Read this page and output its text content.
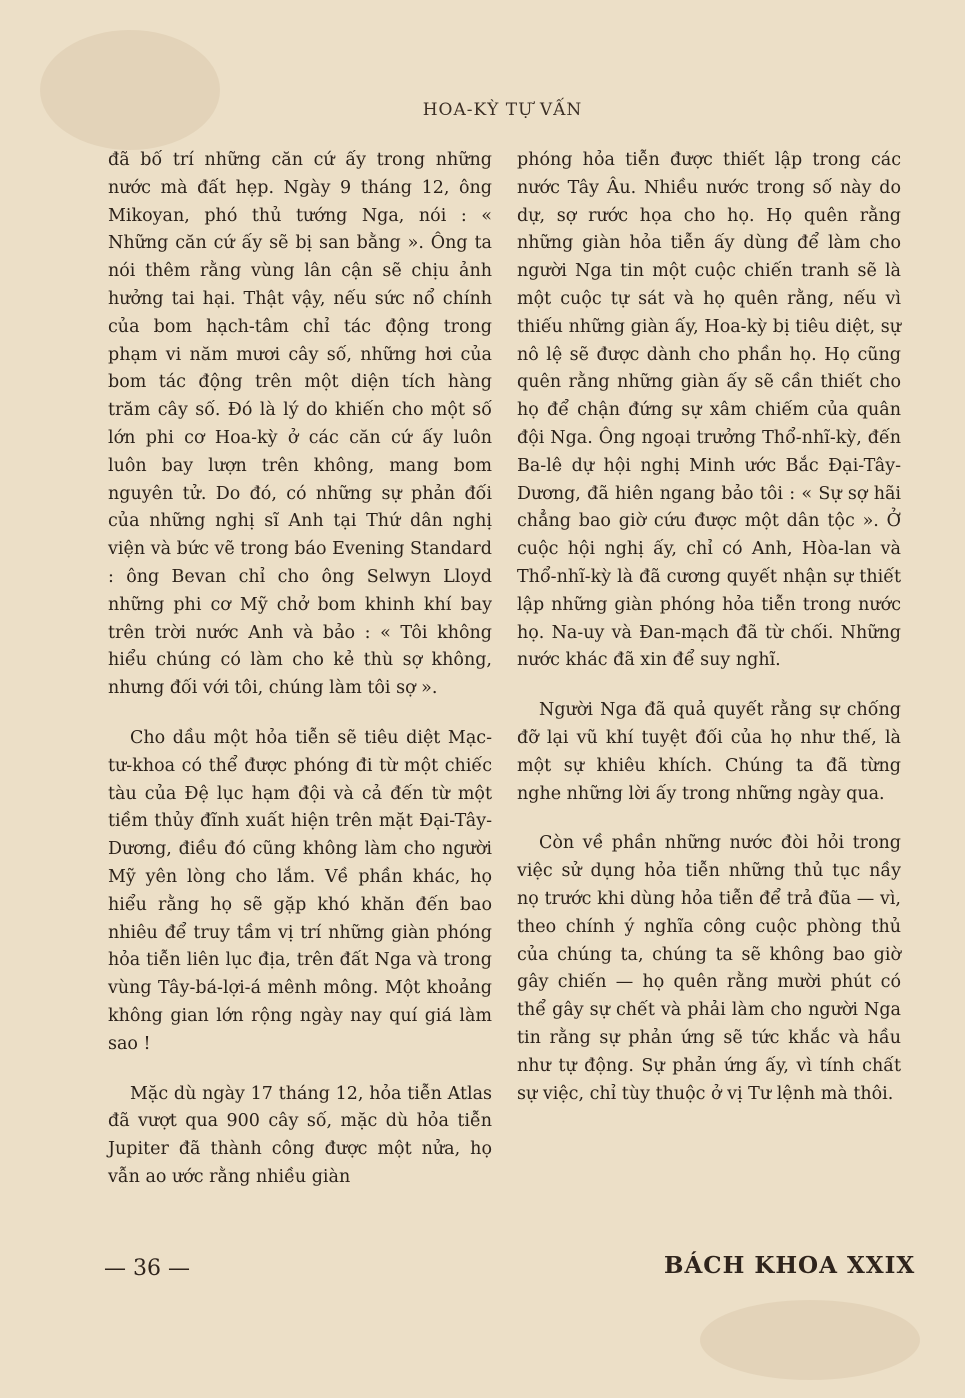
HOA-KỲ TỰ VẤN

đã bố trí những căn cứ ấy trong những nước mà đất hẹp. Ngày 9 tháng 12, ông Mikoyan, phó thủ tướng Nga, nói : « Những căn cứ ấy sẽ bị san bằng ». Ông ta nói thêm rằng vùng lân cận sẽ chịu ảnh hưởng tai hại. Thật vậy, nếu sức nổ chính của bom hạch-tâm chỉ tác động trong phạm vi năm mươi cây số, những hơi của bom tác động trên một diện tích hàng trăm cây số. Đó là lý do khiến cho một số lớn phi cơ Hoa-kỳ ở các căn cứ ấy luôn luôn bay lượn trên không, mang bom nguyên tử. Do đó, có những sự phản đối của những nghị sĩ Anh tại Thứ dân nghị viện và bức vẽ trong báo Evening Standard : ông Bevan chỉ cho ông Selwyn Lloyd những phi cơ Mỹ chở bom khinh khí bay trên trời nước Anh và bảo : « Tôi không hiểu chúng có làm cho kẻ thù sợ không, nhưng đối với tôi, chúng làm tôi sợ ».

Cho dầu một hỏa tiễn sẽ tiêu diệt Mạc-tư-khoa có thể được phóng đi từ một chiếc tàu của Đệ lục hạm đội và cả đến từ một tiềm thủy đĩnh xuất hiện trên mặt Đại-Tây-Dương, điều đó cũng không làm cho người Mỹ yên lòng cho lắm. Về phần khác, họ hiểu rằng họ sẽ gặp khó khăn đến bao nhiêu để truy tầm vị trí những giàn phóng hỏa tiễn liên lục địa, trên đất Nga và trong vùng Tây-bá-lợi-á mênh mông. Một khoảng không gian lớn rộng ngày nay quí giá làm sao !

Mặc dù ngày 17 tháng 12, hỏa tiễn Atlas đã vượt qua 900 cây số, mặc dù hỏa tiễn Jupiter đã thành công được một nửa, họ vẫn ao ước rằng nhiều giàn

phóng hỏa tiễn được thiết lập trong các nước Tây Âu. Nhiều nước trong số này do dự, sợ rước họa cho họ. Họ quên rằng những giàn hỏa tiễn ấy dùng để làm cho người Nga tin một cuộc chiến tranh sẽ là một cuộc tự sát và họ quên rằng, nếu vì thiếu những giàn ấy, Hoa-kỳ bị tiêu diệt, sự nô lệ sẽ được dành cho phần họ. Họ cũng quên rằng những giàn ấy sẽ cần thiết cho họ để chận đứng sự xâm chiếm của quân đội Nga. Ông ngoại trưởng Thổ-nhĩ-kỳ, đến Ba-lê dự hội nghị Minh ước Bắc Đại-Tây-Dương, đã hiên ngang bảo tôi : « Sự sợ hãi chẳng bao giờ cứu được một dân tộc ». Ở cuộc hội nghị ấy, chỉ có Anh, Hòa-lan và Thổ-nhĩ-kỳ là đã cương quyết nhận sự thiết lập những giàn phóng hỏa tiễn trong nước họ. Na-uy và Đan-mạch đã từ chối. Những nước khác đã xin để suy nghĩ.

Người Nga đã quả quyết rằng sự chống đỡ lại vũ khí tuyệt đối của họ như thế, là một sự khiêu khích. Chúng ta đã từng nghe những lời ấy trong những ngày qua.

Còn về phần những nước đòi hỏi trong việc sử dụng hỏa tiễn những thủ tục nầy nọ trước khi dùng hỏa tiễn để trả đũa — vì, theo chính ý nghĩa công cuộc phòng thủ của chúng ta, chúng ta sẽ không bao giờ gây chiến — họ quên rằng mười phút có thể gây sự chết và phải làm cho người Nga tin rằng sự phản ứng sẽ tức khắc và hầu như tự động. Sự phản ứng ấy, vì tính chất sự việc, chỉ tùy thuộc ở vị Tư lệnh mà thôi.

— 36 —	BÁCH KHOA XXIX
